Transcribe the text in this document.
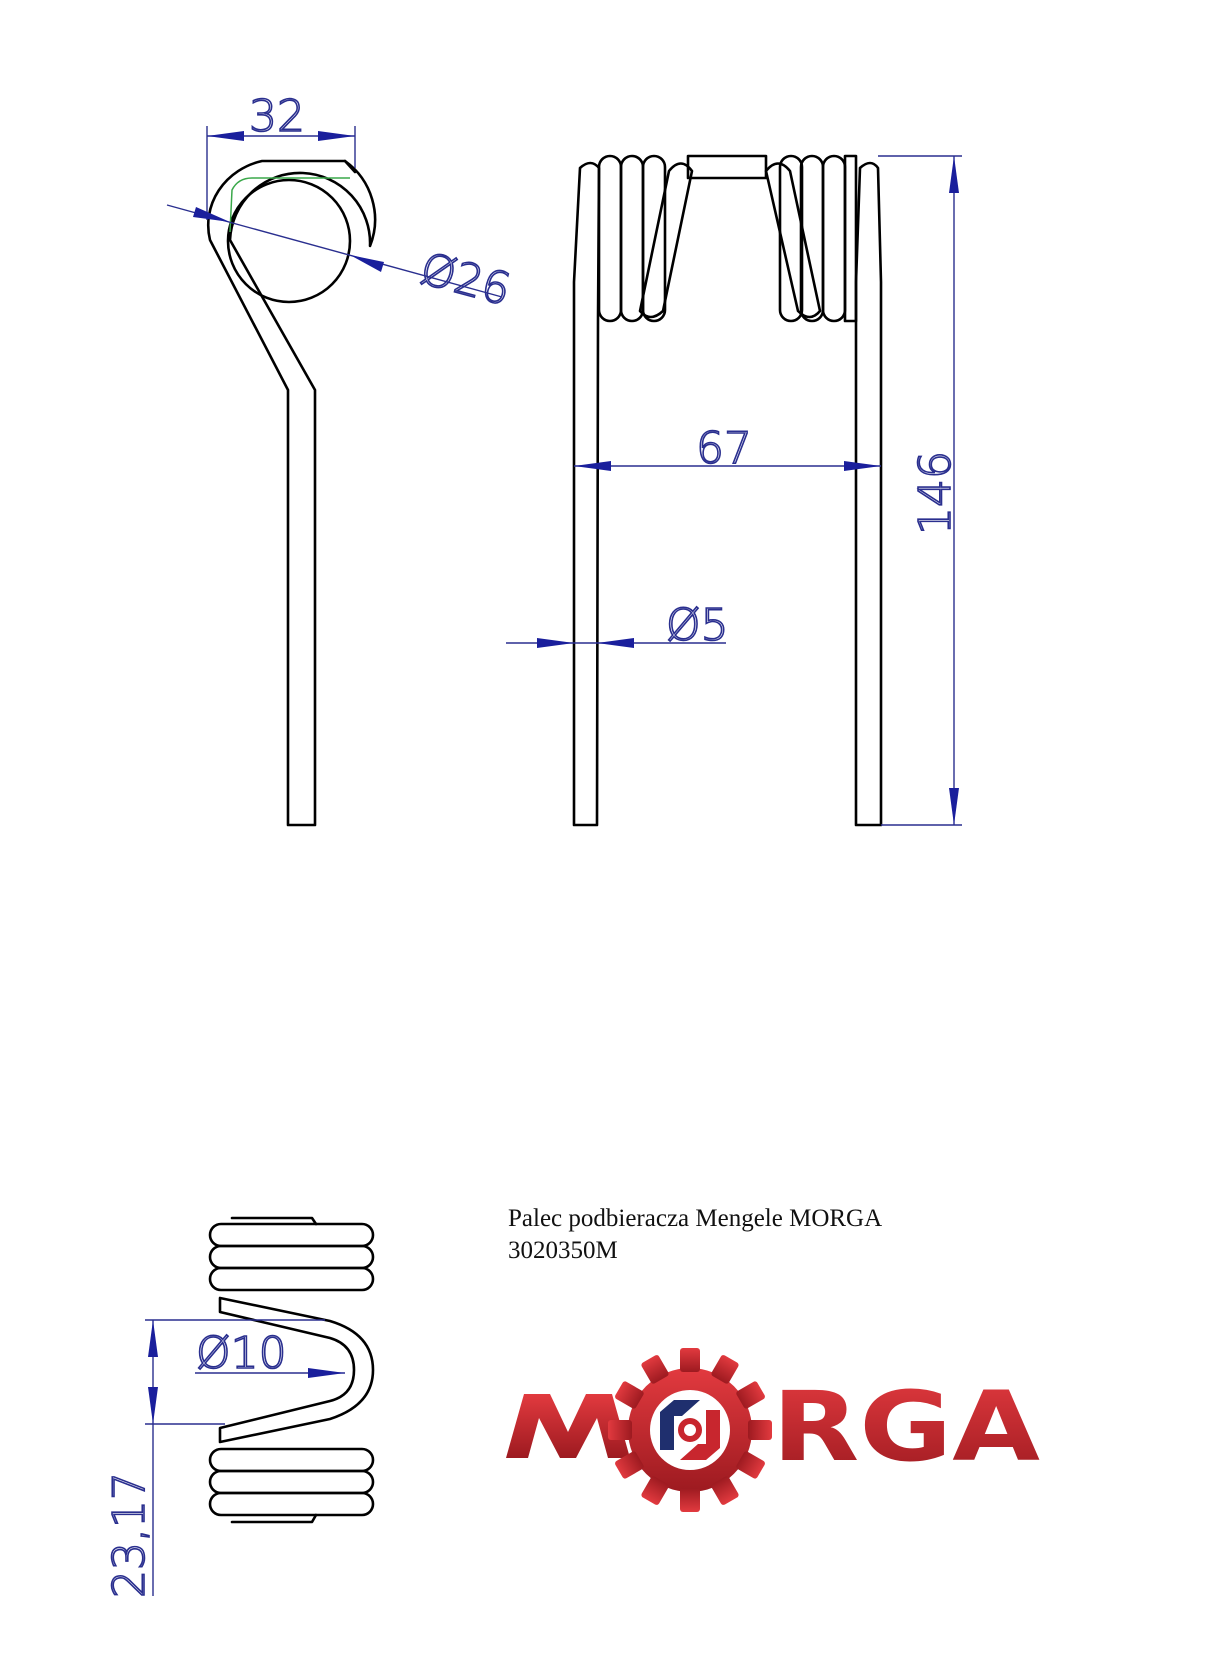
32
Ø26
67
Ø5
146
Ø10
23,17
RGA
Palec podbieracza Mengele MORGA
3020350M
